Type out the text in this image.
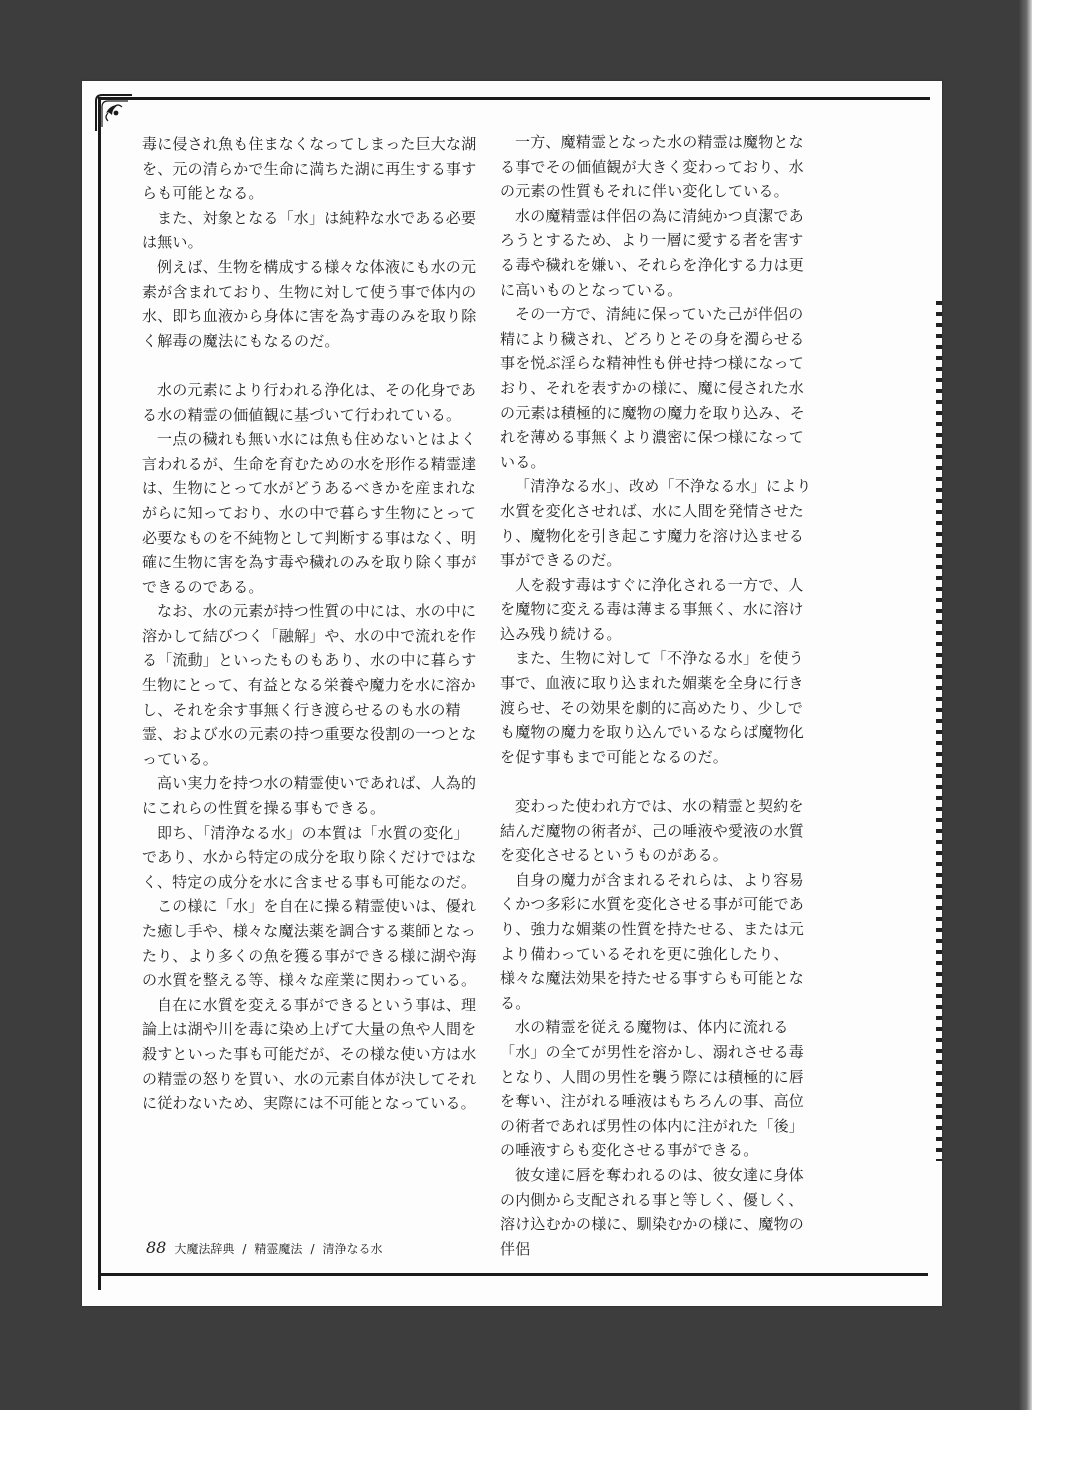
毒に侵され魚も住まなくなってしまった巨大な湖を、元の清らかで生命に満ちた湖に再生する事すらも可能となる。

また、対象となる「水」は純粋な水である必要は無い。

例えば、生物を構成する様々な体液にも水の元素が含まれており、生物に対して使う事で体内の水、即ち血液から身体に害を為す毒のみを取り除く解毒の魔法にもなるのだ。

水の元素により行われる浄化は、その化身である水の精霊の価値観に基づいて行われている。

一点の穢れも無い水には魚も住めないとはよく言われるが、生命を育むための水を形作る精霊達は、生物にとって水がどうあるべきかを産まれながらに知っており、水の中で暮らす生物にとって必要なものを不純物として判断する事はなく、明確に生物に害を為す毒や穢れのみを取り除く事ができるのである。

なお、水の元素が持つ性質の中には、水の中に溶かして結びつく「融解」や、水の中で流れを作る「流動」といったものもあり、水の中に暮らす生物にとって、有益となる栄養や魔力を水に溶かし、それを余す事無く行き渡らせるのも水の精霊、および水の元素の持つ重要な役割の一つとなっている。

高い実力を持つ水の精霊使いであれば、人為的にこれらの性質を操る事もできる。

即ち、「清浄なる水」の本質は「水質の変化」であり、水から特定の成分を取り除くだけではなく、特定の成分を水に含ませる事も可能なのだ。

この様に「水」を自在に操る精霊使いは、優れた癒し手や、様々な魔法薬を調合する薬師となったり、より多くの魚を獲る事ができる様に湖や海の水質を整える等、様々な産業に関わっている。

自在に水質を変える事ができるという事は、理論上は湖や川を毒に染め上げて大量の魚や人間を殺すといった事も可能だが、その様な使い方は水の精霊の怒りを買い、水の元素自体が決してそれに従わないため、実際には不可能となっている。

一方、魔精霊となった水の精霊は魔物となる事でその価値観が大きく変わっており、水の元素の性質もそれに伴い変化している。

水の魔精霊は伴侶の為に清純かつ貞潔であろうとするため、より一層に愛する者を害する毒や穢れを嫌い、それらを浄化する力は更に高いものとなっている。

その一方で、清純に保っていた己が伴侶の精により穢され、どろりとその身を濁らせる事を悦ぶ淫らな精神性も併せ持つ様になっており、それを表すかの様に、魔に侵された水の元素は積極的に魔物の魔力を取り込み、それを薄める事無くより濃密に保つ様になっている。

「清浄なる水」、改め「不浄なる水」により水質を変化させれば、水に人間を発情させたり、魔物化を引き起こす魔力を溶け込ませる事ができるのだ。

人を殺す毒はすぐに浄化される一方で、人を魔物に変える毒は薄まる事無く、水に溶け込み残り続ける。

また、生物に対して「不浄なる水」を使う事で、血液に取り込まれた媚薬を全身に行き渡らせ、その効果を劇的に高めたり、少しでも魔物の魔力を取り込んでいるならば魔物化を促す事もまで可能となるのだ。

変わった使われ方では、水の精霊と契約を結んだ魔物の術者が、己の唾液や愛液の水質を変化させるというものがある。

自身の魔力が含まれるそれらは、より容易くかつ多彩に水質を変化させる事が可能であり、強力な媚薬の性質を持たせる、または元より備わっているそれを更に強化したり、様々な魔法効果を持たせる事すらも可能となる。

水の精霊を従える魔物は、体内に流れる「水」の全てが男性を溶かし、溺れさせる毒となり、人間の男性を襲う際には積極的に唇を奪い、注がれる唾液はもちろんの事、高位の術者であれば男性の体内に注がれた「後」の唾液すらも変化させる事ができる。

彼女達に唇を奪われるのは、彼女達に身体の内側から支配される事と等しく、優しく、溶け込むかの様に、馴染むかの様に、魔物の伴侶

88 大魔法辞典 / 精霊魔法 / 清浄なる水
